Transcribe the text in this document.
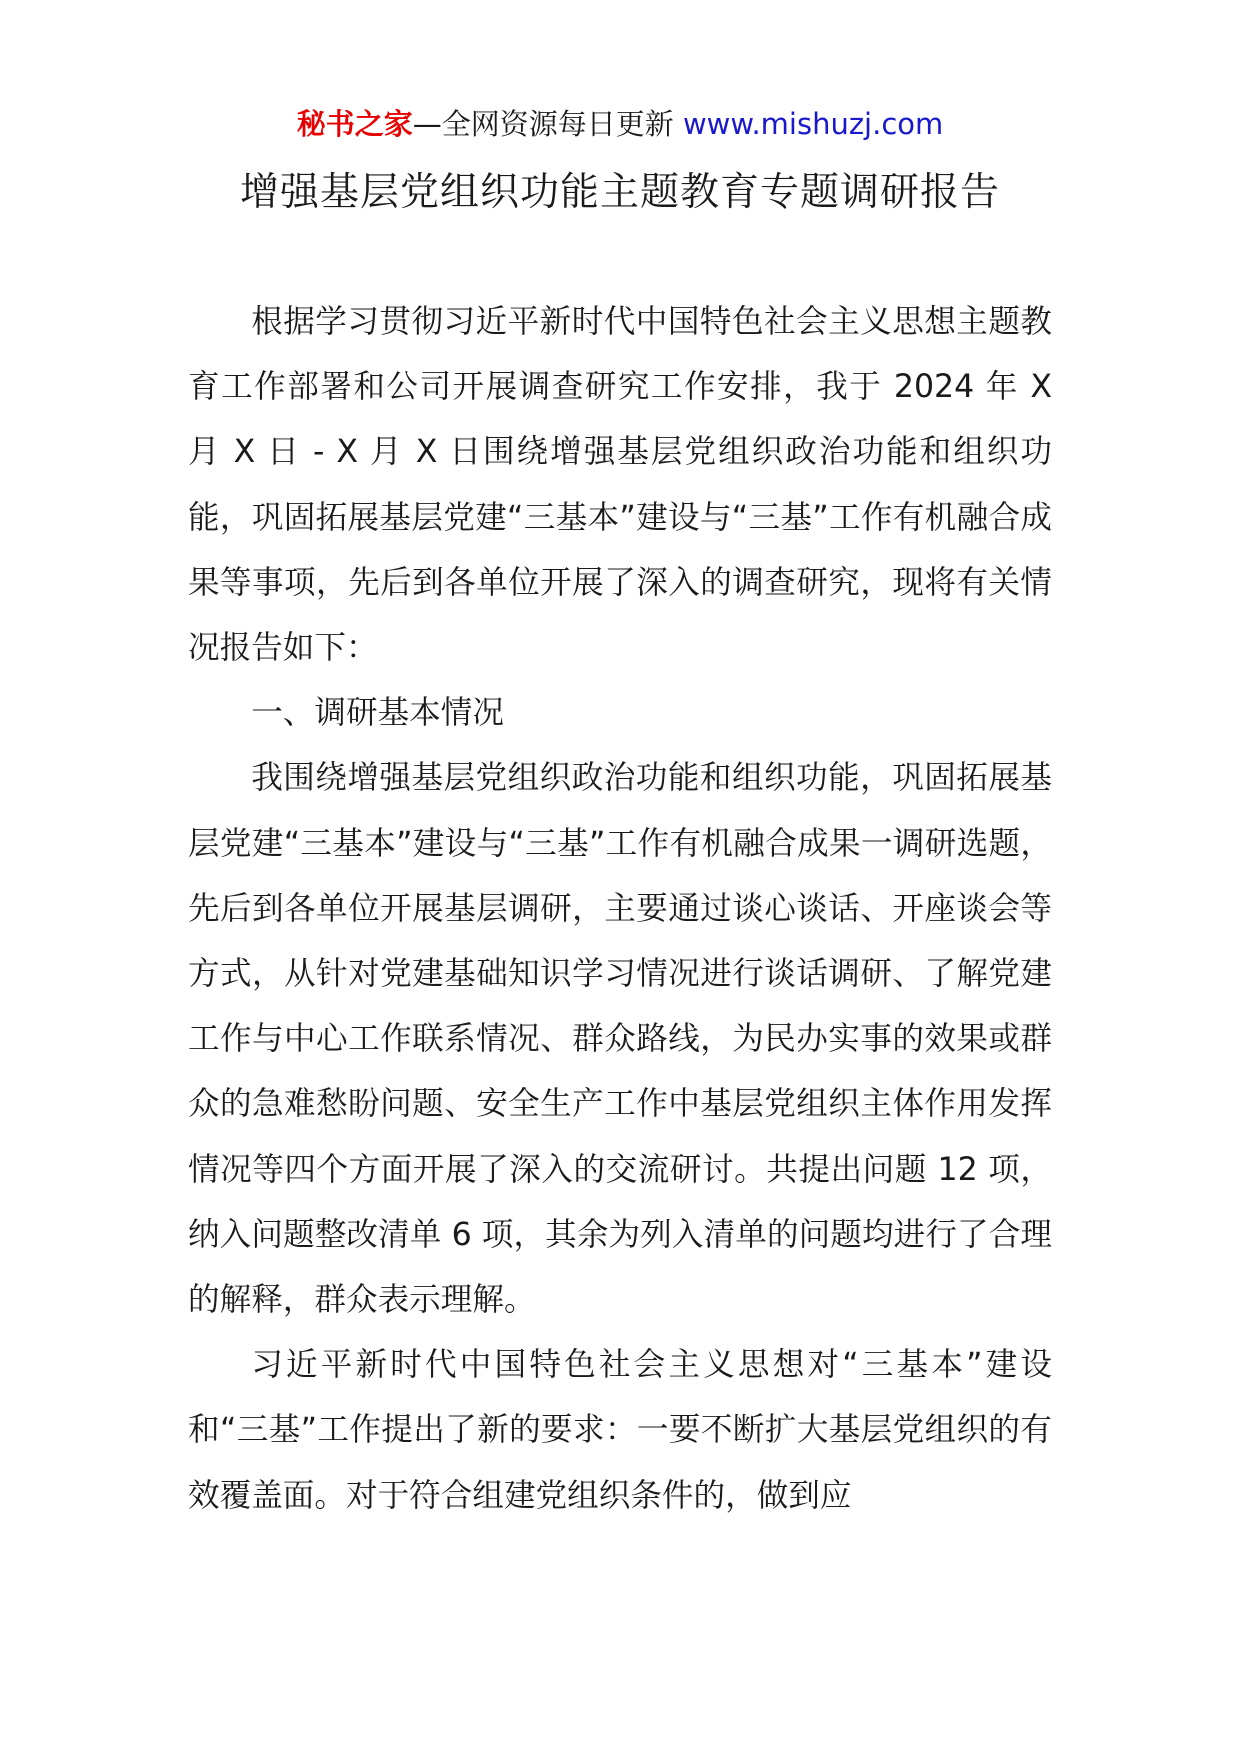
秘书之家—全网资源每日更新 www.mishuzj.com
增强基层党组织功能主题教育专题调研报告

根据学习贯彻习近平新时代中国特色社会主义思想主题教育工作部署和公司开展调查研究工作安排，我于 2024 年 X 月 X 日 - X 月 X 日围绕增强基层党组织政治功能和组织功能，巩固拓展基层党建“三基本”建设与“三基”工作有机融合成果等事项，先后到各单位开展了深入的调查研究，现将有关情况报告如下：

一、调研基本情况

我围绕增强基层党组织政治功能和组织功能，巩固拓展基层党建“三基本”建设与“三基”工作有机融合成果一调研选题，先后到各单位开展基层调研，主要通过谈心谈话、开座谈会等方式，从针对党建基础知识学习情况进行谈话调研、了解党建工作与中心工作联系情况、群众路线，为民办实事的效果或群众的急难愁盼问题、安全生产工作中基层党组织主体作用发挥情况等四个方面开展了深入的交流研讨。共提出问题 12 项，纳入问题整改清单 6 项，其余为列入清单的问题均进行了合理的解释，群众表示理解。

习近平新时代中国特色社会主义思想对“三基本”建设和“三基”工作提出了新的要求：一要不断扩大基层党组织的有效覆盖面。对于符合组建党组织条件的，做到应
